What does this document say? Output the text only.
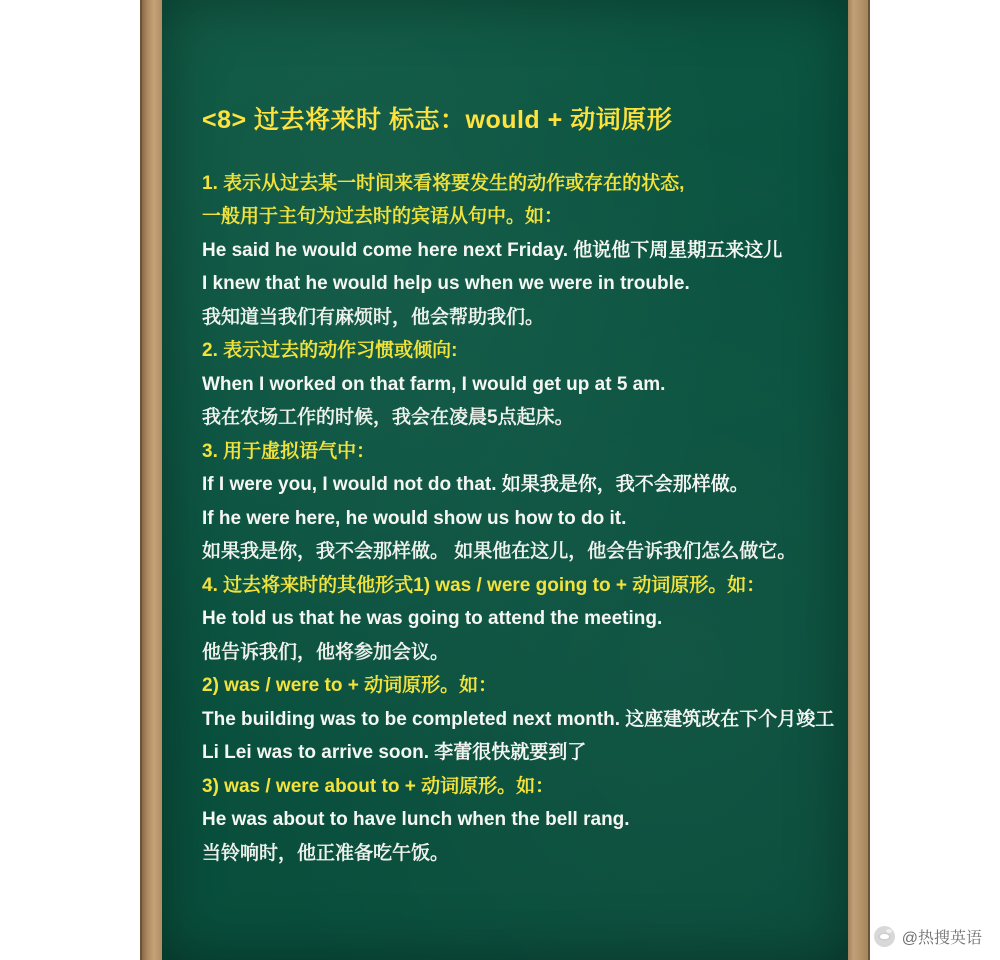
<8> 过去将来时 标志：would + 动词原形
1. 表示从过去某一时间来看将要发生的动作或存在的状态,
一般用于主句为过去时的宾语从句中。如：
He said he would come here next Friday. 他说他下周星期五来这儿
I knew that he would help us when we were in trouble.
我知道当我们有麻烦时，他会帮助我们。
2. 表示过去的动作习惯或倾向:
When I worked on that farm, I would get up at 5 am.
我在农场工作的时候，我会在凌晨5点起床。
3. 用于虚拟语气中：
If I were you, I would not do that. 如果我是你，我不会那样做。
If he were here, he would show us how to do it.
如果我是你，我不会那样做。 如果他在这儿，他会告诉我们怎么做它。
4. 过去将来时的其他形式1) was / were going to + 动词原形。如：
He told us that he was going to attend the meeting.
他告诉我们，他将参加会议。
2) was / were to + 动词原形。如：
The building was to be completed next month. 这座建筑改在下个月竣工
Li Lei was to arrive soon. 李蕾很快就要到了
3) was / were about to + 动词原形。如：
He was about to have lunch when the bell rang.
当铃响时，他正准备吃午饭。
@热搜英语
